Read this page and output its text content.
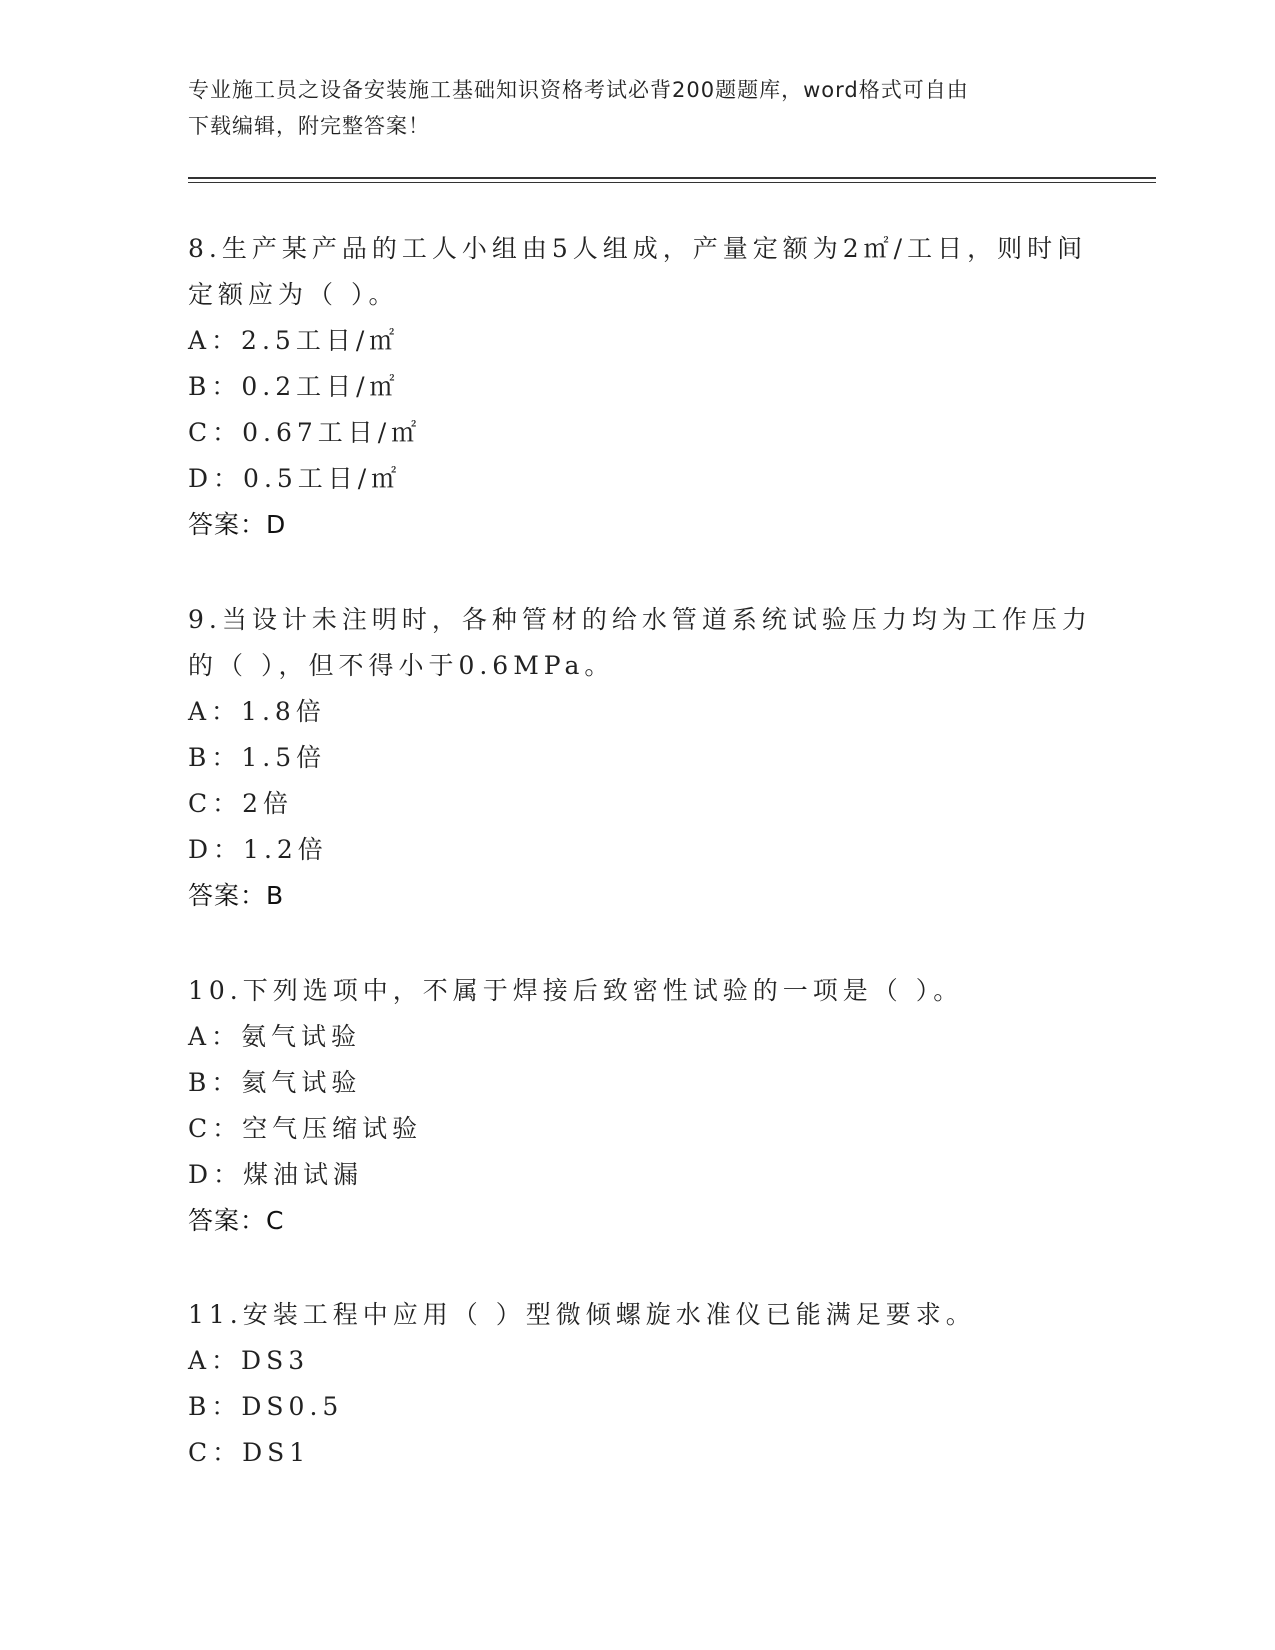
专业施工员之设备安装施工基础知识资格考试必背200题题库，word格式可自由
下载编辑，附完整答案！
8.生产某产品的工人小组由5人组成，产量定额为2㎡/工日，则时间
定额应为（ ）。
A：2.5工日/㎡
B：0.2工日/㎡
C：0.67工日/㎡
D：0.5工日/㎡
答案：D
9.当设计未注明时，各种管材的给水管道系统试验压力均为工作压力
的（ ），但不得小于0.6MPa。
A：1.8倍
B：1.5倍
C：2倍
D：1.2倍
答案：B
10.下列选项中，不属于焊接后致密性试验的一项是（ ）。
A：氨气试验
B：氦气试验
C：空气压缩试验
D：煤油试漏
答案：C
11.安装工程中应用（ ）型微倾螺旋水准仪已能满足要求。
A：DS3
B：DS0.5
C：DS1
